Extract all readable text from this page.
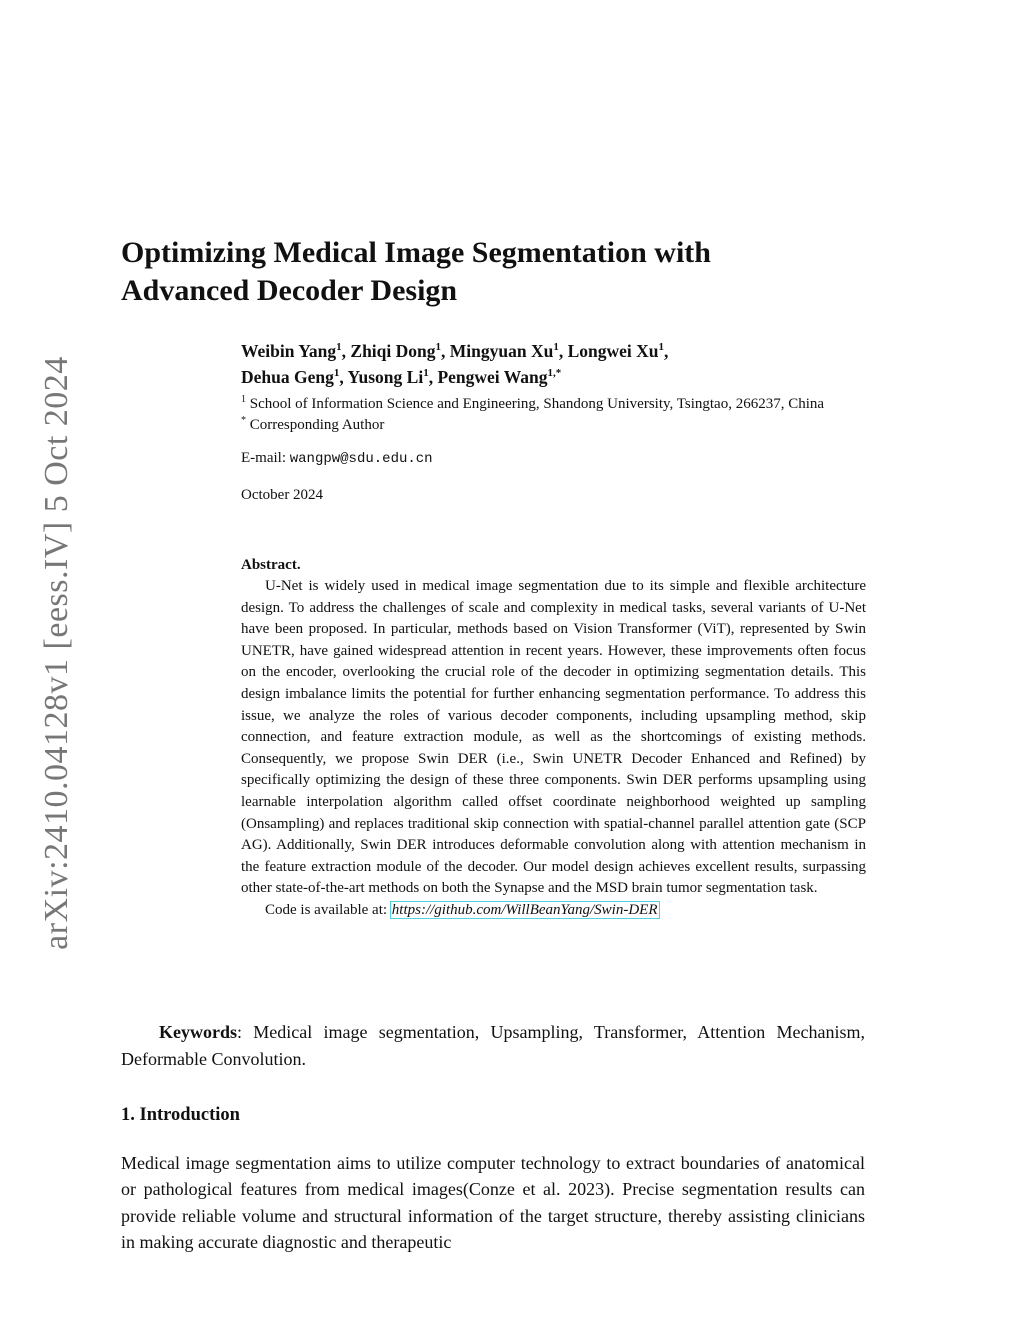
arXiv:2410.04128v1 [eess.IV] 5 Oct 2024
Optimizing Medical Image Segmentation with
Advanced Decoder Design

Weibin Yang$^1$, Zhiqi Dong$^1$, Mingyuan Xu$^1$, Longwei Xu$^1$,
Dehua Geng$^1$, Yusong Li$^1$, Pengwei Wang$^{1,*}$

$^1$ School of Information Science and Engineering, Shandong University, Tsingtao, 266237, China
* Corresponding Author

E-mail: wangpw@sdu.edu.cn

October 2024

Abstract.

U-Net is widely used in medical image segmentation due to its simple and flexible architecture design. To address the challenges of scale and complexity in medical tasks, several variants of U-Net have been proposed. In particular, methods based on Vision Transformer (ViT), represented by Swin UNETR, have gained widespread attention in recent years. However, these improvements often focus on the encoder, overlooking the crucial role of the decoder in optimizing segmentation details. This design imbalance limits the potential for further enhancing segmentation performance. To address this issue, we analyze the roles of various decoder components, including upsampling method, skip connection, and feature extraction module, as well as the shortcomings of existing methods. Consequently, we propose Swin DER (i.e., Swin UNETR Decoder Enhanced and Refined) by specifically optimizing the design of these three components. Swin DER performs upsampling using learnable interpolation algorithm called offset coordinate neighborhood weighted up sampling (Onsampling) and replaces traditional skip connection with spatial-channel parallel attention gate (SCP AG). Additionally, Swin DER introduces deformable convolution along with attention mechanism in the feature extraction module of the decoder. Our model design achieves excellent results, surpassing other state-of-the-art methods on both the Synapse and the MSD brain tumor segmentation task.

Code is available at: https://github.com/WillBeanYang/Swin-DER

Keywords: Medical image segmentation, Upsampling, Transformer, Attention Mechanism, Deformable Convolution.

1. Introduction

Medical image segmentation aims to utilize computer technology to extract boundaries of anatomical or pathological features from medical images(Conze et al. 2023). Precise segmentation results can provide reliable volume and structural information of the target structure, thereby assisting clinicians in making accurate diagnostic and therapeutic
